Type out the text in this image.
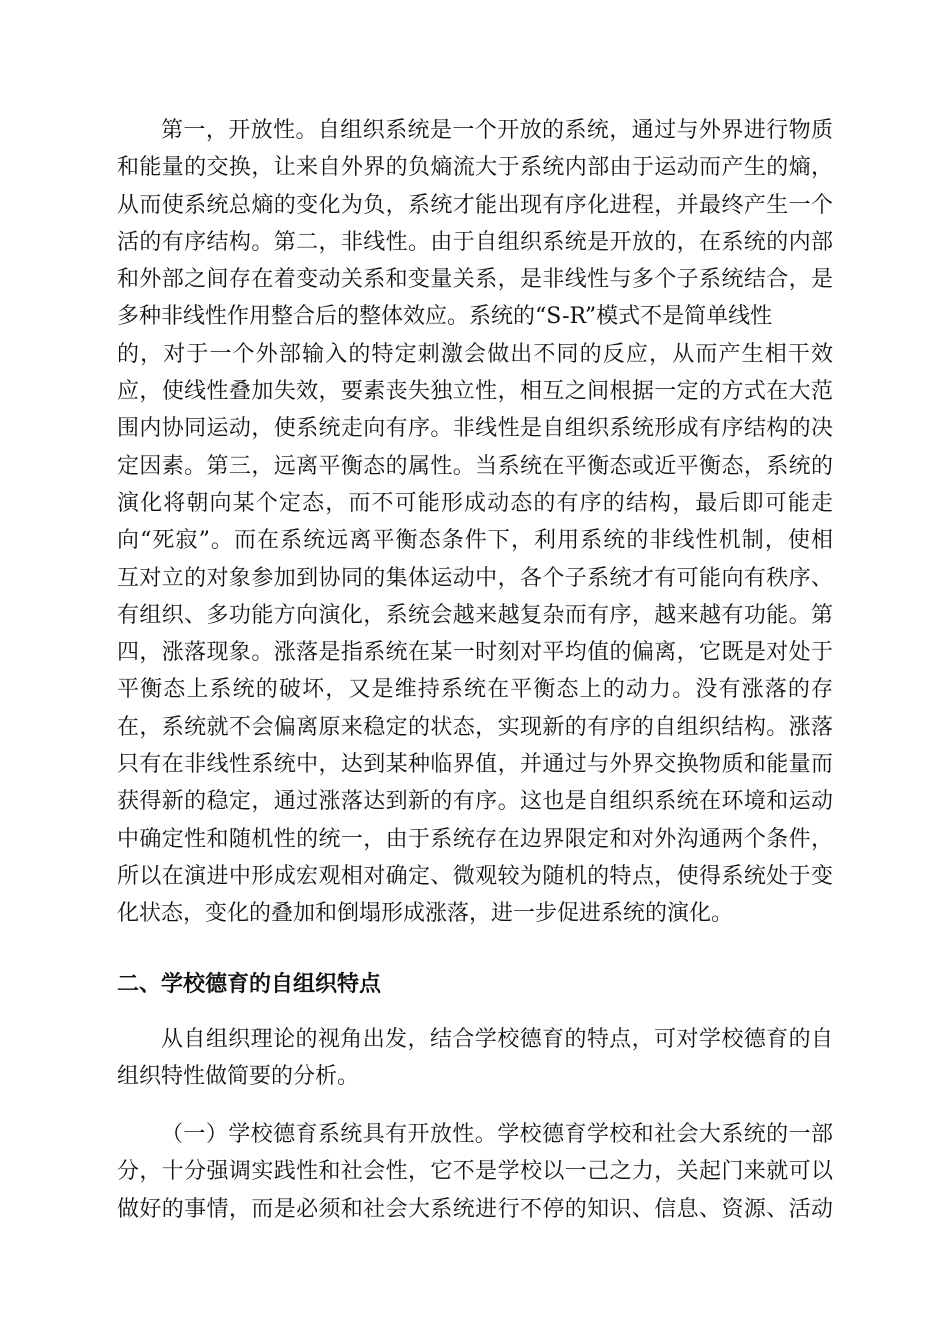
第一，开放性。自组织系统是一个开放的系统，通过与外界进行物质
和能量的交换，让来自外界的负熵流大于系统内部由于运动而产生的熵，
从而使系统总熵的变化为负，系统才能出现有序化进程，并最终产生一个
活的有序结构。第二，非线性。由于自组织系统是开放的，在系统的内部
和外部之间存在着变动关系和变量关系，是非线性与多个子系统结合，是
多种非线性作用整合后的整体效应。系统的“S-R”模式不是简单线性
的，对于一个外部输入的特定刺激会做出不同的反应，从而产生相干效
应，使线性叠加失效，要素丧失独立性，相互之间根据一定的方式在大范
围内协同运动，使系统走向有序。非线性是自组织系统形成有序结构的决
定因素。第三，远离平衡态的属性。当系统在平衡态或近平衡态，系统的
演化将朝向某个定态，而不可能形成动态的有序的结构，最后即可能走
向“死寂”。而在系统远离平衡态条件下，利用系统的非线性机制，使相
互对立的对象参加到协同的集体运动中，各个子系统才有可能向有秩序、
有组织、多功能方向演化，系统会越来越复杂而有序，越来越有功能。第
四，涨落现象。涨落是指系统在某一时刻对平均值的偏离，它既是对处于
平衡态上系统的破坏，又是维持系统在平衡态上的动力。没有涨落的存
在，系统就不会偏离原来稳定的状态，实现新的有序的自组织结构。涨落
只有在非线性系统中，达到某种临界值，并通过与外界交换物质和能量而
获得新的稳定，通过涨落达到新的有序。这也是自组织系统在环境和运动
中确定性和随机性的统一，由于系统存在边界限定和对外沟通两个条件，
所以在演进中形成宏观相对确定、微观较为随机的特点，使得系统处于变
化状态，变化的叠加和倒塌形成涨落，进一步促进系统的演化。
二、学校德育的自组织特点
从自组织理论的视角出发，结合学校德育的特点，可对学校德育的自
组织特性做简要的分析。
（一）学校德育系统具有开放性。学校德育学校和社会大系统的一部
分，十分强调实践性和社会性，它不是学校以一己之力，关起门来就可以
做好的事情，而是必须和社会大系统进行不停的知识、信息、资源、活动
